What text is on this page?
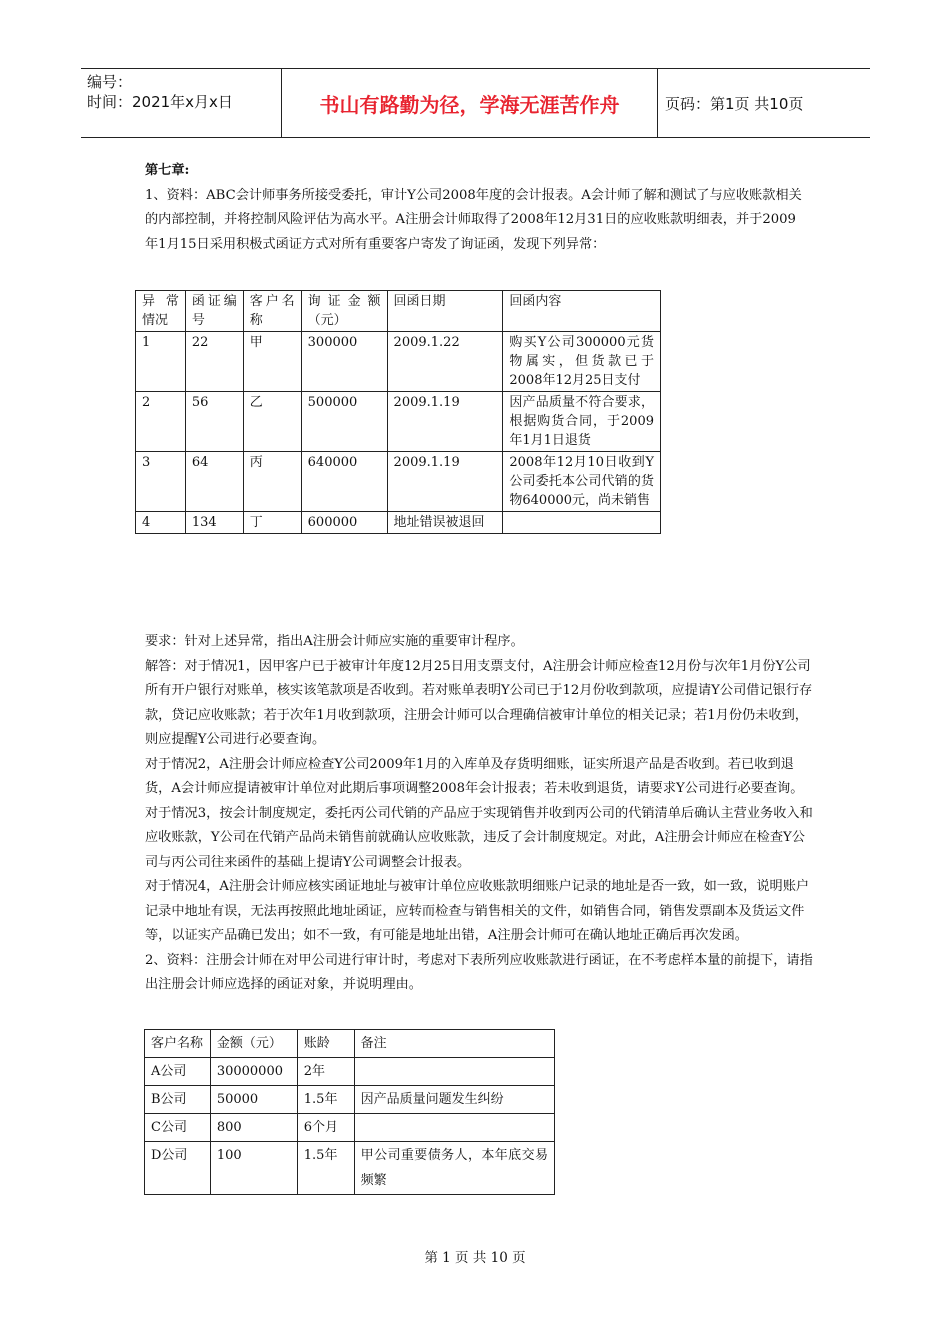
编号：
时间：2021年x月x日	书山有路勤为径，学海无涯苦作舟	页码：第1页 共10页

第七章:

1、资料：ABC会计师事务所接受委托，审计Y公司2008年度的会计报表。A会计师了解和测试了与应收账款相关的内部控制，并将控制风险评估为高水平。A注册会计师取得了2008年12月31日的应收账款明细表，并于2009年1月15日采用积极式函证方式对所有重要客户寄发了询证函，发现下列异常：

异常情况	函证编号	客户名称	询证金额（元）	回函日期	回函内容
1	22	甲	300000	2009.1.22	购买Y公司300000元货物属实，但货款已于2008年12月25日支付
2	56	乙	500000	2009.1.19	因产品质量不符合要求，根据购货合同，于2009年1月1日退货
3	64	丙	640000	2009.1.19	2008年12月10日收到Y公司委托本公司代销的货物640000元，尚未销售
4	134	丁	600000	地址错误被退回	

要求：针对上述异常，指出A注册会计师应实施的重要审计程序。

解答：对于情况1，因甲客户已于被审计年度12月25日用支票支付，A注册会计师应检查12月份与次年1月份Y公司所有开户银行对账单，核实该笔款项是否收到。若对账单表明Y公司已于12月份收到款项，应提请Y公司借记银行存款，贷记应收账款；若于次年1月收到款项，注册会计师可以合理确信被审计单位的相关记录；若1月份仍未收到，则应提醒Y公司进行必要查询。

对于情况2，A注册会计师应检查Y公司2009年1月的入库单及存货明细账，证实所退产品是否收到。若已收到退货，A会计师应提请被审计单位对此期后事项调整2008年会计报表；若未收到退货，请要求Y公司进行必要查询。

对于情况3，按会计制度规定，委托丙公司代销的产品应于实现销售并收到丙公司的代销清单后确认主营业务收入和应收账款，Y公司在代销产品尚未销售前就确认应收账款，违反了会计制度规定。对此，A注册会计师应在检查Y公司与丙公司往来函件的基础上提请Y公司调整会计报表。

对于情况4，A注册会计师应核实函证地址与被审计单位应收账款明细账户记录的地址是否一致，如一致，说明账户记录中地址有误，无法再按照此地址函证，应转而检查与销售相关的文件，如销售合同，销售发票副本及货运文件等，以证实产品确已发出；如不一致，有可能是地址出错，A注册会计师可在确认地址正确后再次发函。

2、资料：注册会计师在对甲公司进行审计时，考虑对下表所列应收账款进行函证，在不考虑样本量的前提下，请指出注册会计师应选择的函证对象，并说明理由。

客户名称	金额（元）	账龄	备注
A公司	30000000	2年	
B公司	50000	1.5年	因产品质量问题发生纠纷
C公司	800	6个月	
D公司	100	1.5年	甲公司重要债务人，本年底交易频繁
第 1 页 共 10 页
